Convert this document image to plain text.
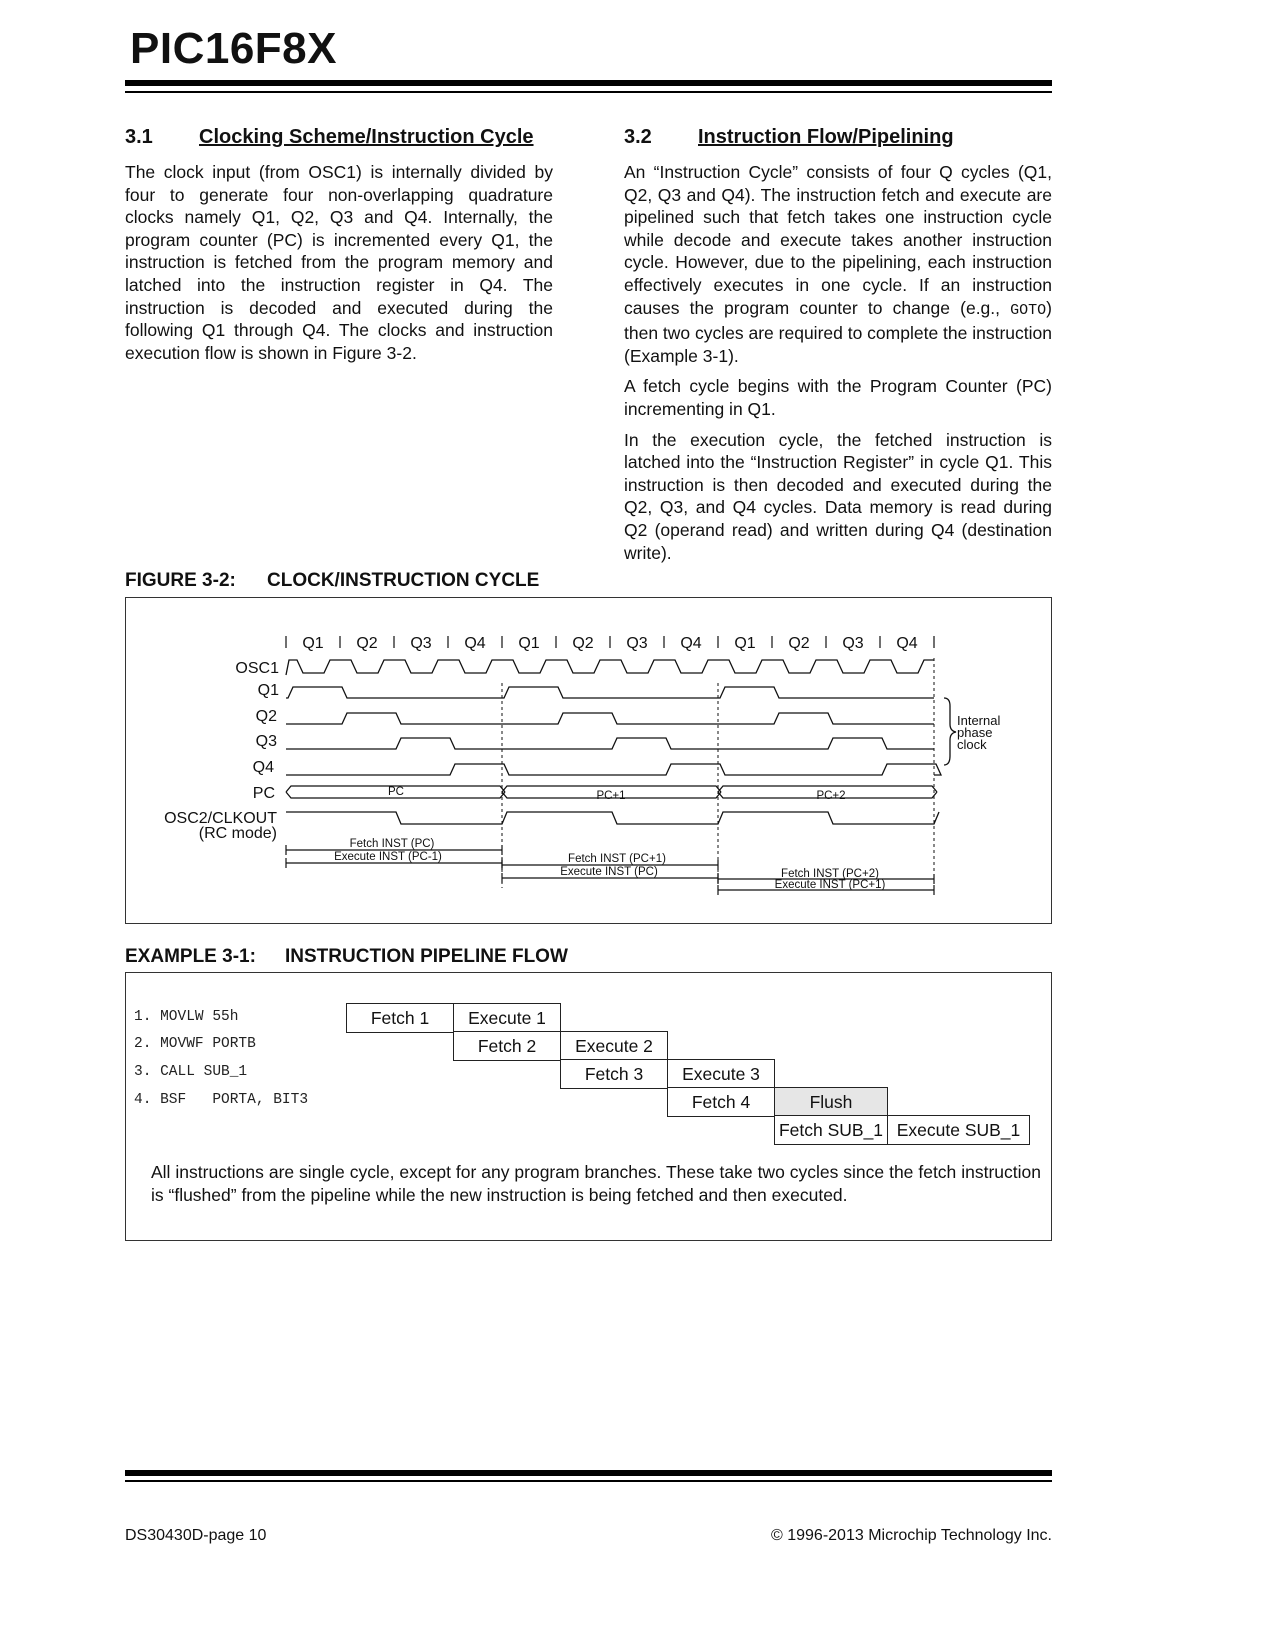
PIC16F8X
3.1 Clocking Scheme/Instruction Cycle

The clock input (from OSC1) is internally divided by four to generate four non-overlapping quadrature clocks namely Q1, Q2, Q3 and Q4. Internally, the program counter (PC) is incremented every Q1, the instruction is fetched from the program memory and latched into the instruction register in Q4. The instruction is decoded and executed during the following Q1 through Q4. The clocks and instruction execution flow is shown in Figure 3-2.

3.2 Instruction Flow/Pipelining

An “Instruction Cycle” consists of four Q cycles (Q1, Q2, Q3 and Q4). The instruction fetch and execute are pipelined such that fetch takes one instruction cycle while decode and execute takes another instruction cycle. However, due to the pipelining, each instruction effectively executes in one cycle. If an instruction causes the program counter to change (e.g., GOTO) then two cycles are required to complete the instruction (Example 3-1).

A fetch cycle begins with the Program Counter (PC) incrementing in Q1.

In the execution cycle, the fetched instruction is latched into the “Instruction Register” in cycle Q1. This instruction is then decoded and executed during the Q2, Q3, and Q4 cycles. Data memory is read during Q2 (operand read) and written during Q4 (destination write).

FIGURE 3-2: CLOCK/INSTRUCTION CYCLE
Q1 Q2 Q3 Q4 Q1 Q2 Q3 Q4 Q1 Q2 Q3 Q4
OSC1
Q1
Q2
Q3
Q4
PC
OSC2/CLKOUT
(RC mode)
PC	PC+1	PC+2
Fetch INST (PC)
Execute INST (PC-1)	Fetch INST (PC+1)
Execute INST (PC)	Fetch INST (PC+2)
Execute INST (PC+1)
Internal
phase
clock
EXAMPLE 3-1: INSTRUCTION PIPELINE FLOW
1. MOVLW 55h
2. MOVWF PORTB
3. CALL SUB_1
4. BSF   PORTA, BIT3
Fetch 1	Execute 1
Fetch 2	Execute 2
Fetch 3	Execute 3
Fetch 4	Flush
Fetch SUB_1 Execute SUB_1
All instructions are single cycle, except for any program branches. These take two cycles since the fetch instruction is “flushed” from the pipeline while the new instruction is being fetched and then executed.
DS30430D-page 10	© 1996-2013 Microchip Technology Inc.
